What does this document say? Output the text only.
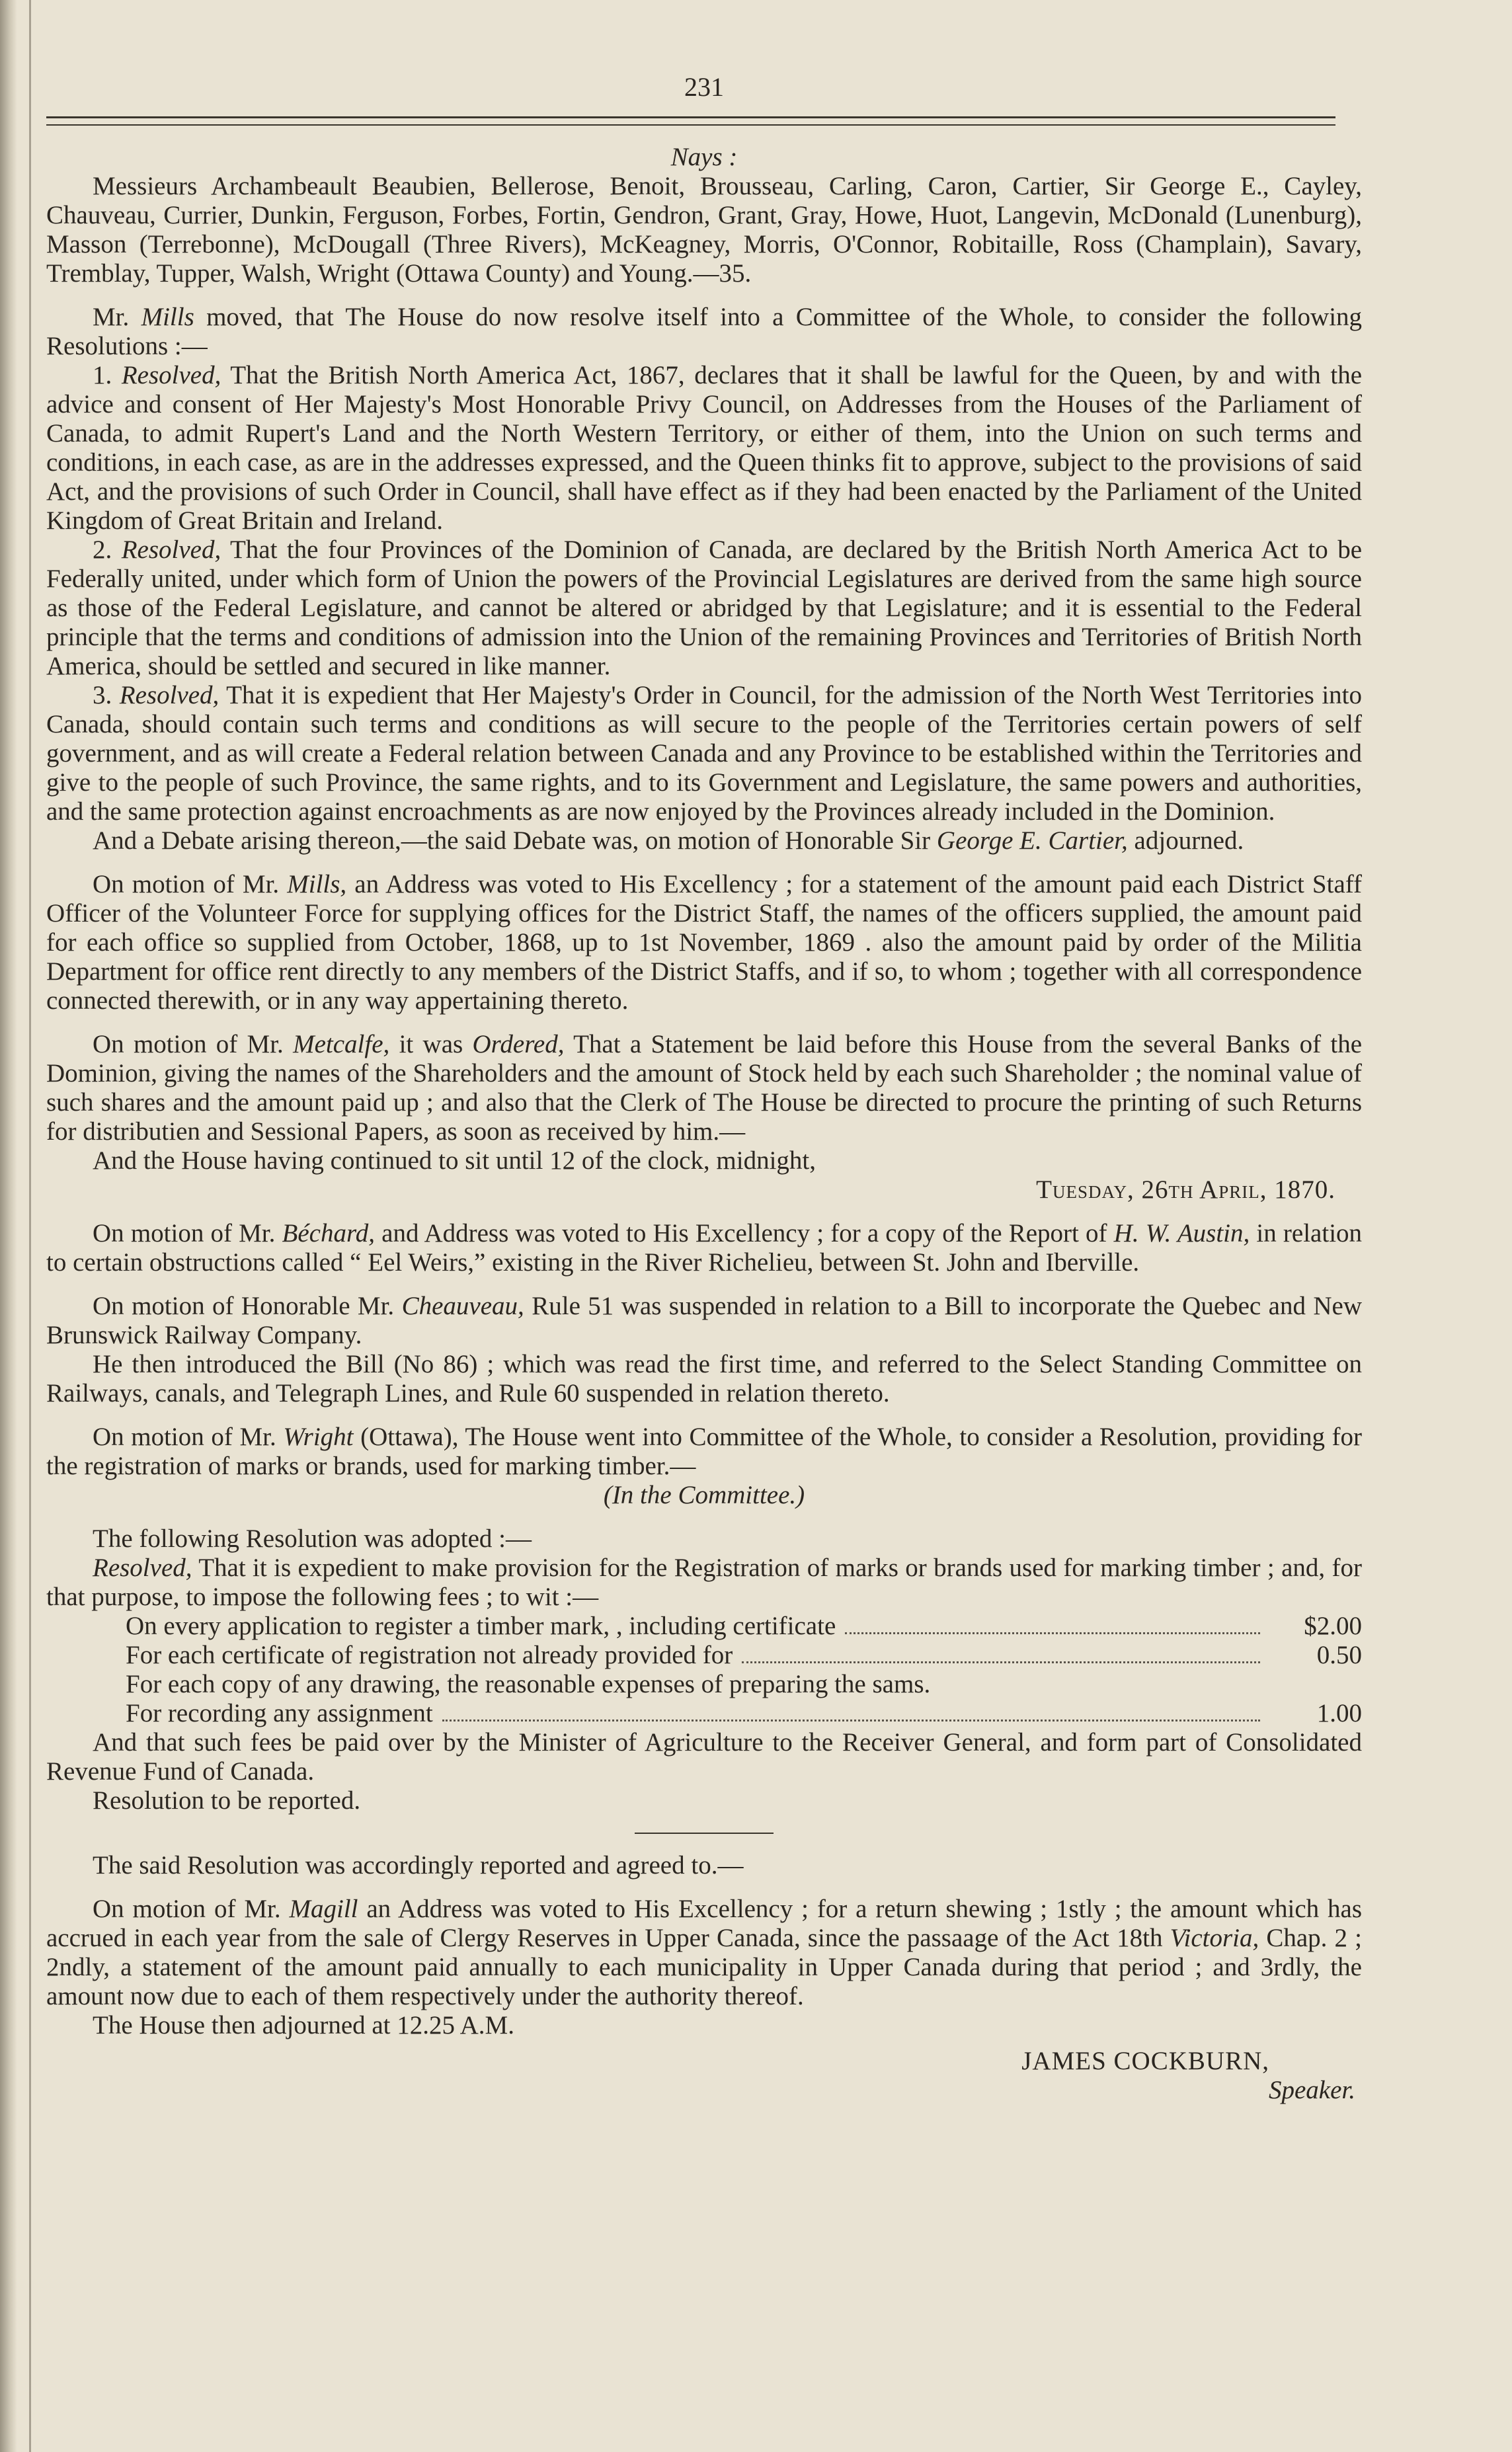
231
Nays :

Messieurs Archambeault Beaubien, Bellerose, Benoit, Brousseau, Carling, Caron, Cartier, Sir George E., Cayley, Chauveau, Currier, Dunkin, Ferguson, Forbes, Fortin, Gendron, Grant, Gray, Howe, Huot, Langevin, McDonald (Lunenburg), Masson (Terrebonne), McDougall (Three Rivers), McKeagney, Morris, O'Connor, Robitaille, Ross (Champlain), Savary, Tremblay, Tupper, Walsh, Wright (Ottawa County) and Young.—35.

Mr. Mills moved, that The House do now resolve itself into a Committee of the Whole, to consider the following Resolutions :—

1. Resolved, That the British North America Act, 1867, declares that it shall be lawful for the Queen, by and with the advice and consent of Her Majesty's Most Honorable Privy Council, on Addresses from the Houses of the Parliament of Canada, to admit Rupert's Land and the North Western Territory, or either of them, into the Union on such terms and conditions, in each case, as are in the addresses expressed, and the Queen thinks fit to approve, subject to the provisions of said Act, and the provisions of such Order in Council, shall have effect as if they had been enacted by the Parliament of the United Kingdom of Great Britain and Ireland.

2. Resolved, That the four Provinces of the Dominion of Canada, are declared by the British North America Act to be Federally united, under which form of Union the powers of the Provincial Legislatures are derived from the same high source as those of the Federal Legislature, and cannot be altered or abridged by that Legislature; and it is essential to the Federal principle that the terms and conditions of admission into the Union of the remaining Provinces and Territories of British North America, should be settled and secured in like manner.

3. Resolved, That it is expedient that Her Majesty's Order in Council, for the admission of the North West Territories into Canada, should contain such terms and conditions as will secure to the people of the Territories certain powers of self government, and as will create a Federal relation between Canada and any Province to be established within the Territories and give to the people of such Province, the same rights, and to its Government and Legislature, the same powers and authorities, and the same protection against encroachments as are now enjoyed by the Provinces already included in the Dominion.

And a Debate arising thereon,—the said Debate was, on motion of Honorable Sir George E. Cartier, adjourned.

On motion of Mr. Mills, an Address was voted to His Excellency ; for a statement of the amount paid each District Staff Officer of the Volunteer Force for supplying offices for the District Staff, the names of the officers supplied, the amount paid for each office so supplied from October, 1868, up to 1st November, 1869 . also the amount paid by order of the Militia Department for office rent directly to any members of the District Staffs, and if so, to whom ; together with all correspondence connected therewith, or in any way appertaining thereto.

On motion of Mr. Metcalfe, it was Ordered, That a Statement be laid before this House from the several Banks of the Dominion, giving the names of the Shareholders and the amount of Stock held by each such Shareholder ; the nominal value of such shares and the amount paid up ; and also that the Clerk of The House be directed to procure the printing of such Returns for distributien and Sessional Papers, as soon as received by him.—

And the House having continued to sit until 12 of the clock, midnight,

Tuesday, 26th April, 1870.

On motion of Mr. Béchard, and Address was voted to His Excellency ; for a copy of the Report of H. W. Austin, in relation to certain obstructions called “ Eel Weirs,” existing in the River Richelieu, between St. John and Iberville.

On motion of Honorable Mr. Cheauveau, Rule 51 was suspended in relation to a Bill to incorporate the Quebec and New Brunswick Railway Company.

He then introduced the Bill (No 86) ; which was read the first time, and referred to the Select Standing Committee on Railways, canals, and Telegraph Lines, and Rule 60 suspended in relation thereto.

On motion of Mr. Wright (Ottawa), The House went into Committee of the Whole, to consider a Resolution, providing for the registration of marks or brands, used for marking timber.—

(In the Committee.)

The following Resolution was adopted :—

Resolved, That it is expedient to make provision for the Registration of marks or brands used for marking timber ; and, for that purpose, to impose the following fees ; to wit :—

On every application to register a timber mark, , including certificate	$2.00
For each certificate of registration not already provided for	0.50
For each copy of any drawing, the reasonable expenses of preparing the sams.
For recording any assignment	1.00

And that such fees be paid over by the Minister of Agriculture to the Receiver General, and form part of Consolidated Revenue Fund of Canada.

Resolution to be reported.

The said Resolution was accordingly reported and agreed to.—

On motion of Mr. Magill an Address was voted to His Excellency ; for a return shewing ; 1stly ; the amount which has accrued in each year from the sale of Clergy Reserves in Upper Canada, since the passaage of the Act 18th Victoria, Chap. 2 ; 2ndly, a statement of the amount paid annually to each municipality in Upper Canada during that period ; and 3rdly, the amount now due to each of them respectively under the authority thereof.

The House then adjourned at 12.25 A.M.

JAMES COCKBURN,
Speaker.
